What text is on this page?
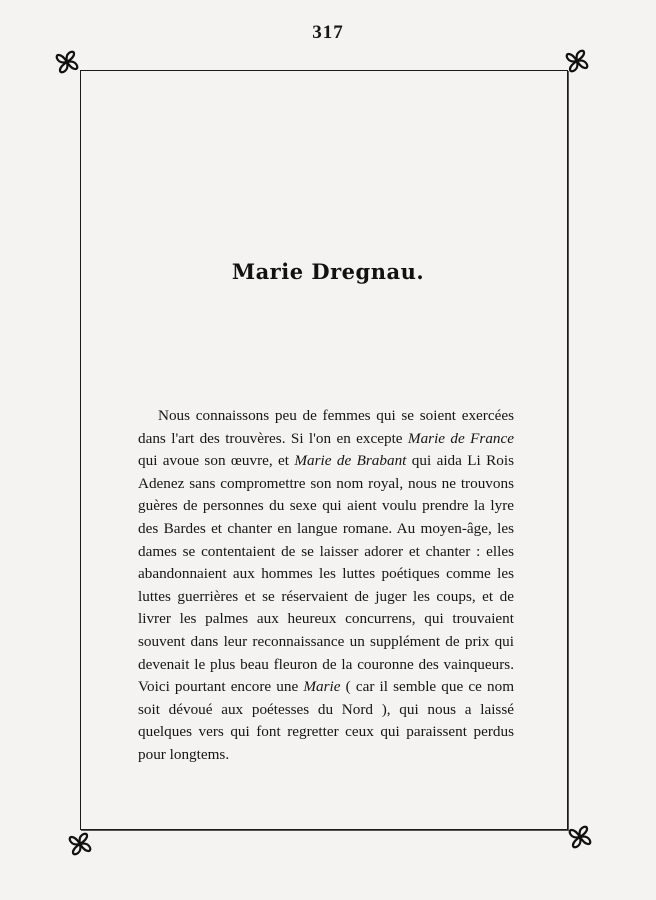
317
Marie Dregnau.

Nous connaissons peu de femmes qui se soient exercées dans l'art des trouvères. Si l'on en excepte Marie de France qui avoue son œuvre, et Marie de Brabant qui aida Li Rois Adenez sans compromettre son nom royal, nous ne trouvons guères de personnes du sexe qui aient voulu prendre la lyre des Bardes et chanter en langue romane. Au moyen-âge, les dames se contentaient de se laisser adorer et chanter : elles abandonnaient aux hommes les luttes poétiques comme les luttes guerrières et se réservaient de juger les coups, et de livrer les palmes aux heureux concurrens, qui trouvaient souvent dans leur reconnaissance un supplément de prix qui devenait le plus beau fleuron de la couronne des vainqueurs. Voici pourtant encore une Marie ( car il semble que ce nom soit dévoué aux poétesses du Nord ), qui nous a laissé quelques vers qui font regretter ceux qui paraissent perdus pour longtems.
